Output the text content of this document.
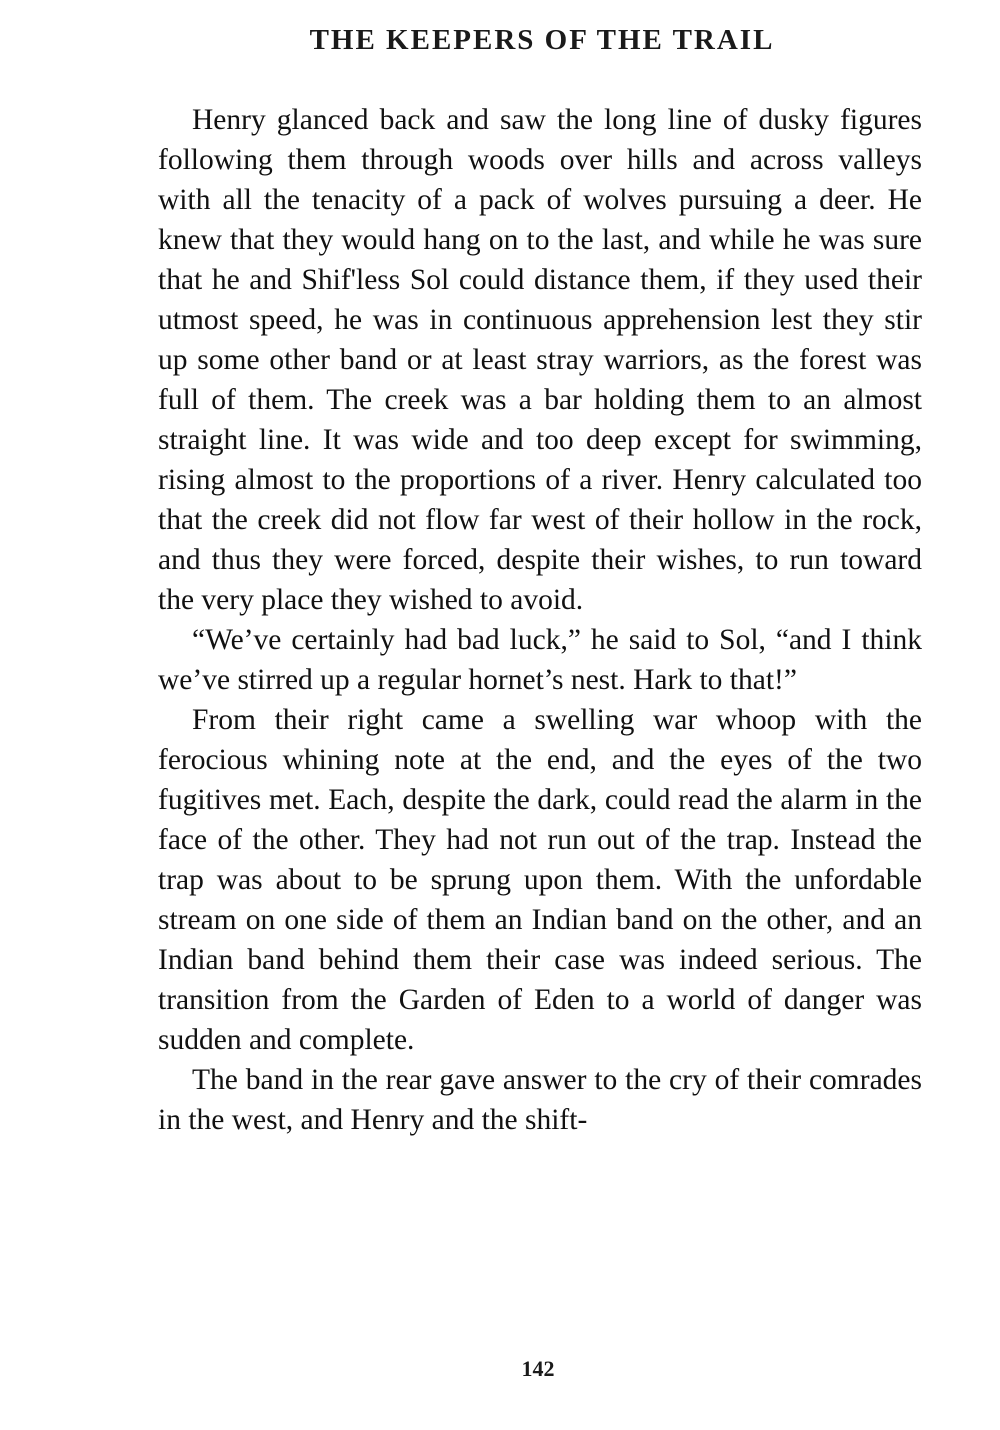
THE KEEPERS OF THE TRAIL

Henry glanced back and saw the long line of dusky figures following them through woods over hills and across valleys with all the tenacity of a pack of wolves pursuing a deer. He knew that they would hang on to the last, and while he was sure that he and Shif'less Sol could distance them, if they used their utmost speed, he was in continuous apprehension lest they stir up some other band or at least stray warriors, as the forest was full of them. The creek was a bar holding them to an almost straight line. It was wide and too deep except for swimming, rising almost to the proportions of a river. Henry calculated too that the creek did not flow far west of their hollow in the rock, and thus they were forced, despite their wishes, to run toward the very place they wished to avoid.

“We’ve certainly had bad luck,” he said to Sol, “and I think we’ve stirred up a regular hornet’s nest. Hark to that!”

From their right came a swelling war whoop with the ferocious whining note at the end, and the eyes of the two fugitives met. Each, despite the dark, could read the alarm in the face of the other. They had not run out of the trap. Instead the trap was about to be sprung upon them. With the unfordable stream on one side of them an Indian band on the other, and an Indian band behind them their case was indeed serious. The transition from the Garden of Eden to a world of danger was sudden and complete.

The band in the rear gave answer to the cry of their comrades in the west, and Henry and the shift-

142
